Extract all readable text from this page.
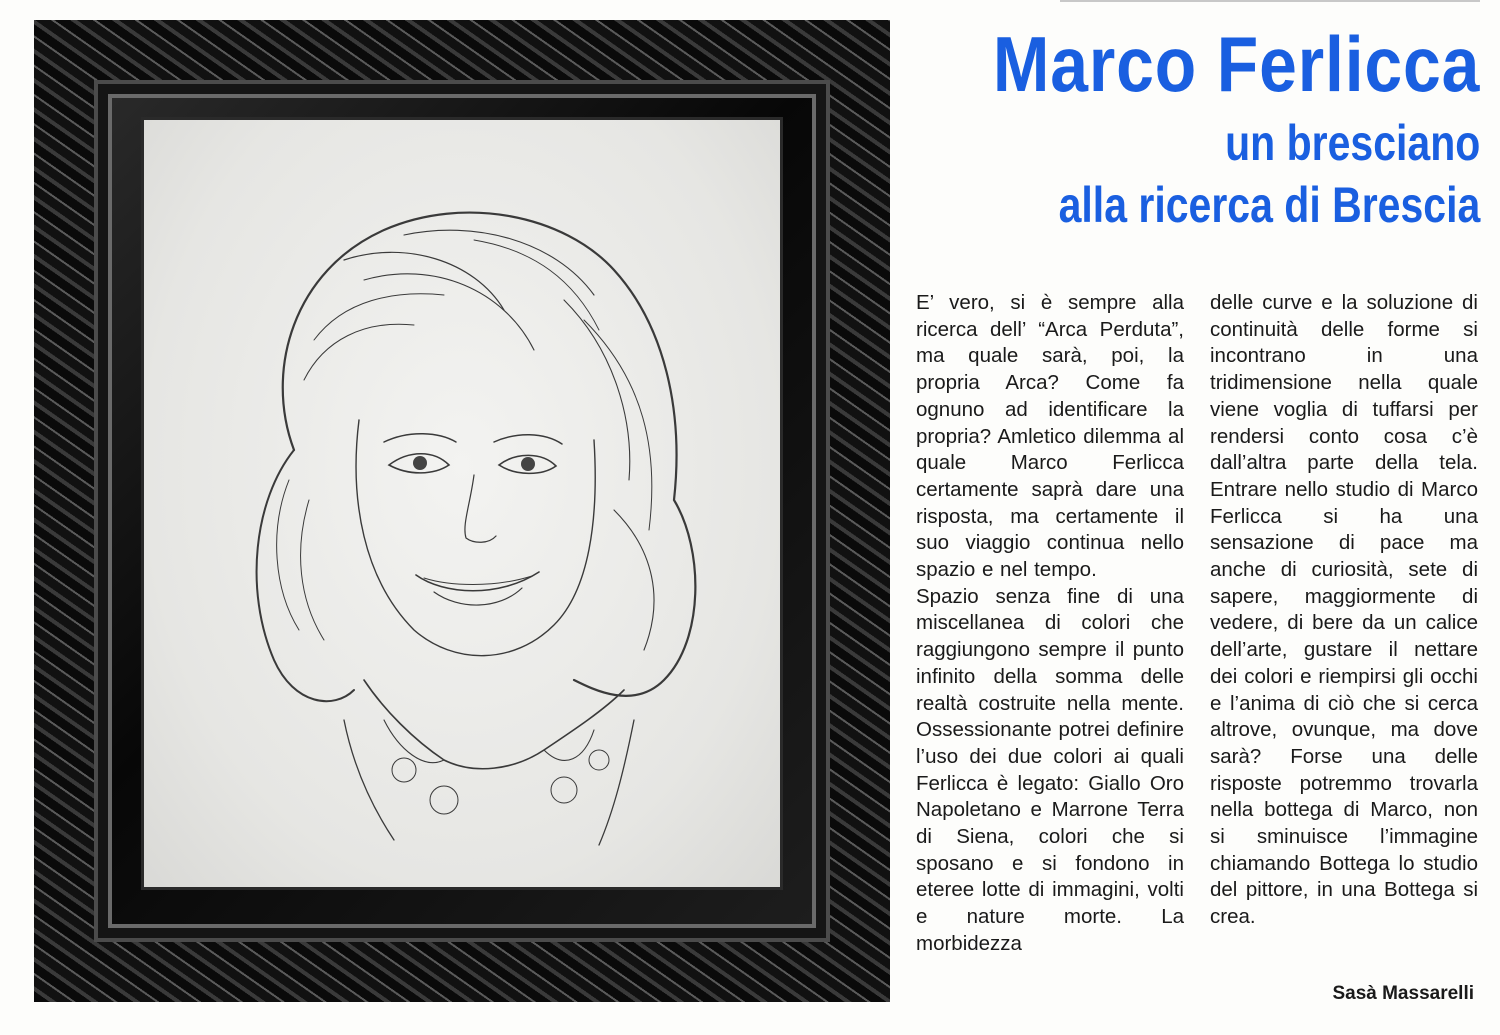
Marco Ferlicca
un bresciano
alla ricerca di Brescia

E’ vero, si è sempre alla ricerca dell’ “Arca Perduta”, ma quale sarà, poi, la propria Arca? Come fa ognuno ad identificare la propria? Amletico dilemma al quale Marco Ferlicca certamente saprà dare una risposta, ma certamente il suo viaggio continua nello spazio e nel tempo.

Spazio senza fine di una miscellanea di colori che raggiungono sempre il punto infinito della somma delle realtà costruite nella mente. Ossessionante potrei definire l’uso dei due colori ai quali Ferlicca è legato: Giallo Oro Napoletano e Marrone Terra di Siena, colori che si sposano e si fondono in eteree lotte di immagini, volti e nature morte. La morbidezza

delle curve e la soluzione di continuità delle forme si incontrano in una tridimensione nella quale viene voglia di tuffarsi per rendersi conto cosa c’è dall’altra parte della tela. Entrare nello studio di Marco Ferlicca si ha una sensazione di pace ma anche di curiosità, sete di sapere, maggiormente di vedere, di bere da un calice dell’arte, gustare il nettare dei colori e riempirsi gli occhi e l’anima di ciò che si cerca altrove, ovunque, ma dove sarà? Forse una delle risposte potremmo trovarla nella bottega di Marco, non si sminuisce l’immagine chiamando Bottega lo studio del pittore, in una Bottega si crea.

Sasà Massarelli
